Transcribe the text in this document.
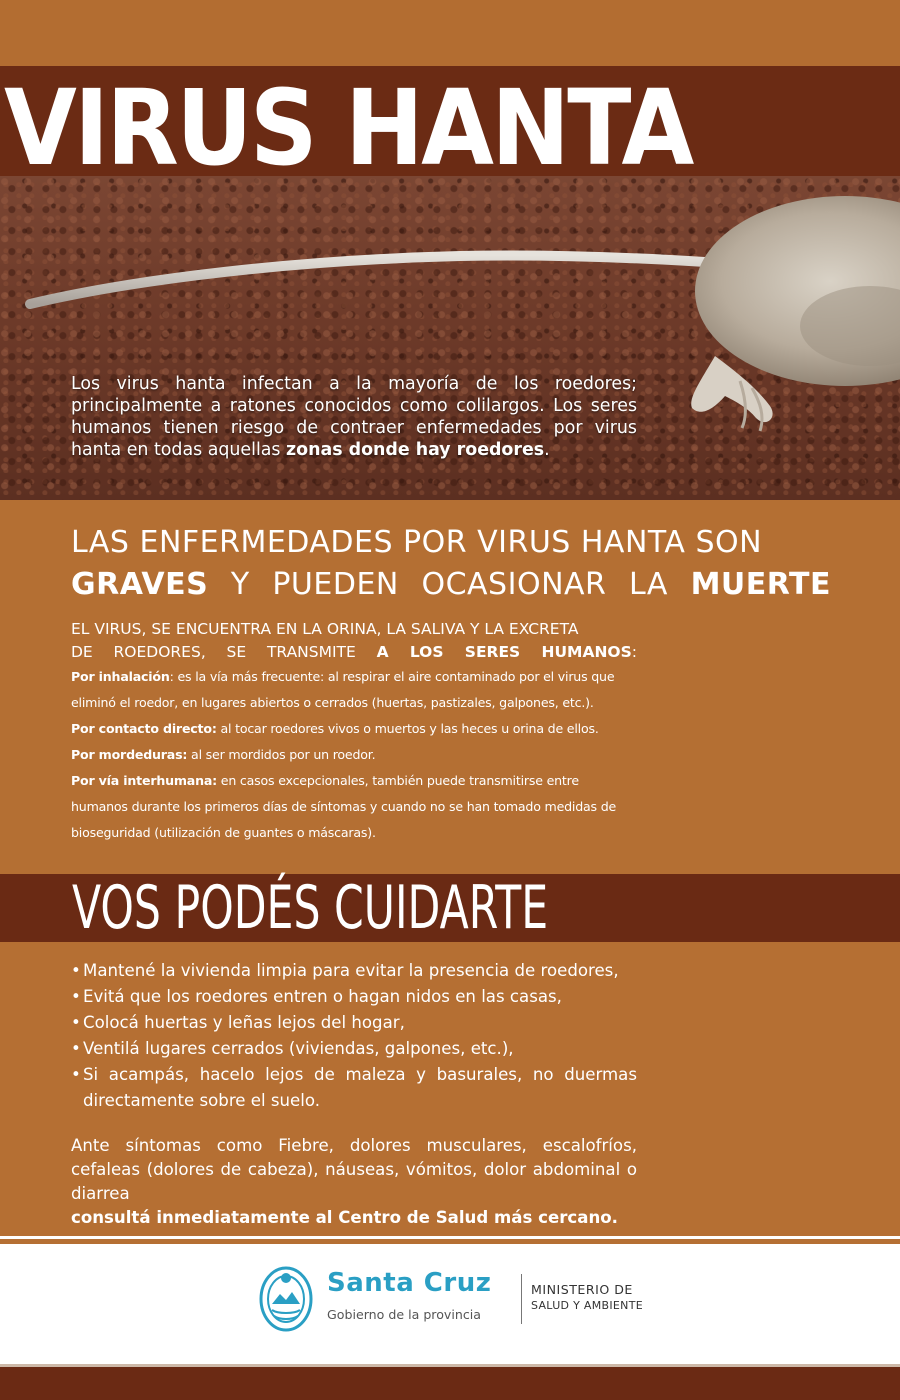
VIRUS HANTA
Los virus hanta infectan a la mayoría de los roedores; principalmente a ratones conocidos como colilargos. Los seres humanos tienen riesgo de contraer enfermedades por virus hanta en todas aquellas zonas donde hay roedores.
LAS ENFERMEDADES POR VIRUS HANTA SON
GRAVES Y PUEDEN OCASIONAR LA MUERTE
EL VIRUS, SE ENCUENTRA EN LA ORINA, LA SALIVA Y LA EXCRETA
DE ROEDORES, SE TRANSMITE A LOS SERES HUMANOS:
Por inhalación: es la vía más frecuente: al respirar el aire contaminado por el virus que eliminó el roedor, en lugares abiertos o cerrados (huertas, pastizales, galpones, etc.).
Por contacto directo: al tocar roedores vivos o muertos y las heces u orina de ellos.
Por mordeduras: al ser mordidos por un roedor.
Por vía interhumana: en casos excepcionales, también puede transmitirse entre humanos durante los primeros días de síntomas y cuando no se han tomado medidas de bioseguridad (utilización de guantes o máscaras).
VOS PODÉS CUIDARTE
• Mantené la vivienda limpia para evitar la presencia de roedores,
• Evitá que los roedores entren o hagan nidos en las casas,
• Colocá huertas y leñas lejos del hogar,
• Ventilá lugares cerrados (viviendas, galpones, etc.),
• Si acampás, hacelo lejos de maleza y basurales, no duermas directamente sobre el suelo.
Ante síntomas como Fiebre, dolores musculares, escalofríos, cefaleas (dolores de cabeza), náuseas, vómitos, dolor abdominal o diarrea
consultá inmediatamente al Centro de Salud más cercano.
Santa Cruz
Gobierno de la provincia
MINISTERIO DE
SALUD Y AMBIENTE
